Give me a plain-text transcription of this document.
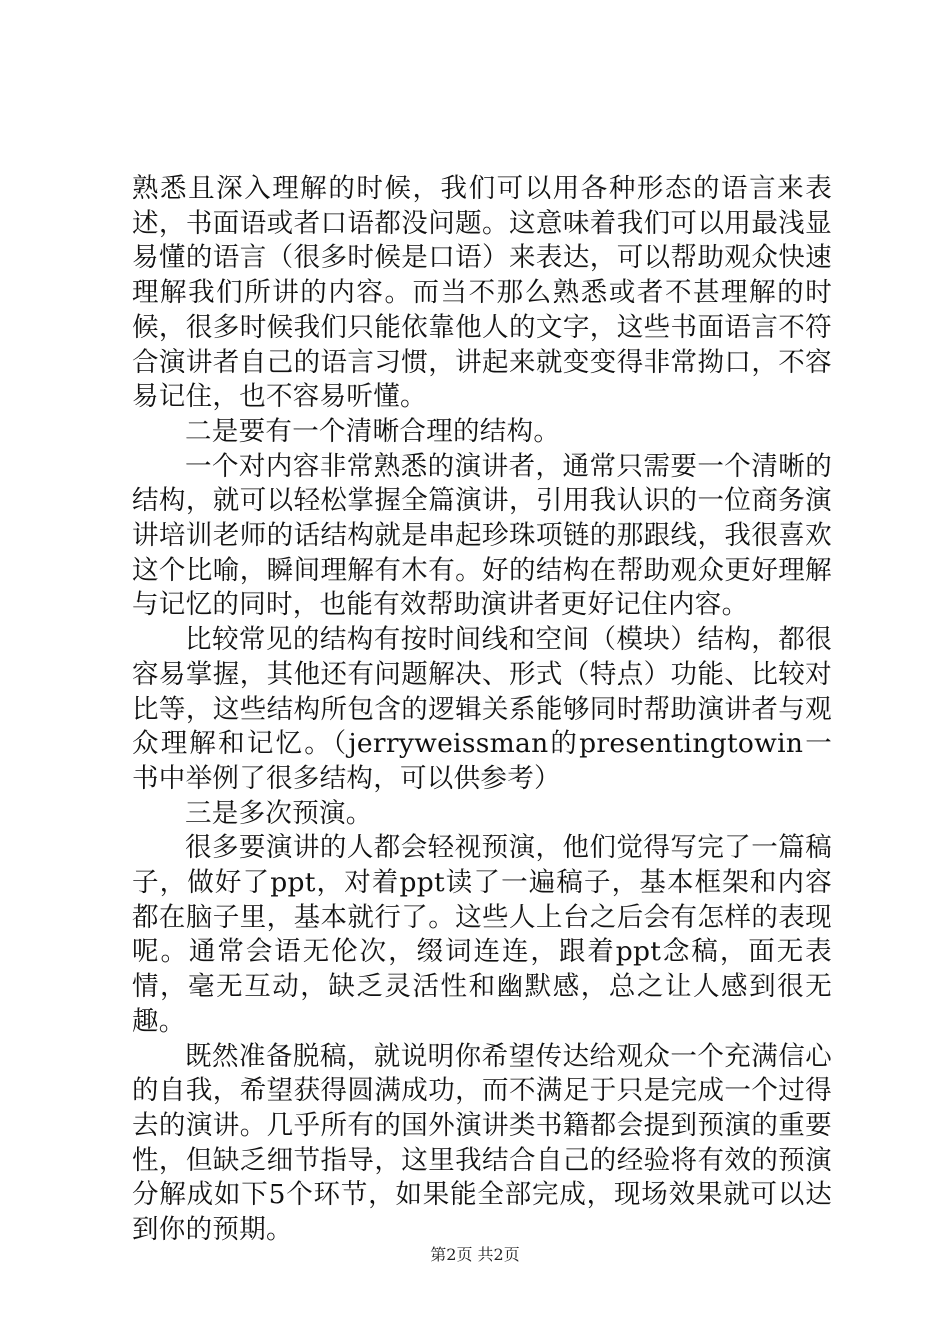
熟悉且深入理解的时候，我们可以用各种形态的语言来表述，书面语或者口语都没问题。这意味着我们可以用最浅显易懂的语言（很多时候是口语）来表达，可以帮助观众快速理解我们所讲的内容。而当不那么熟悉或者不甚理解的时候，很多时候我们只能依靠他人的文字，这些书面语言不符合演讲者自己的语言习惯，讲起来就变变得非常拗口，不容易记住，也不容易听懂。

二是要有一个清晰合理的结构。

一个对内容非常熟悉的演讲者，通常只需要一个清晰的结构，就可以轻松掌握全篇演讲，引用我认识的一位商务演讲培训老师的话结构就是串起珍珠项链的那跟线，我很喜欢这个比喻，瞬间理解有木有。好的结构在帮助观众更好理解与记忆的同时，也能有效帮助演讲者更好记住内容。

比较常见的结构有按时间线和空间（模块）结构，都很容易掌握，其他还有问题解决、形式（特点）功能、比较对比等，这些结构所包含的逻辑关系能够同时帮助演讲者与观众理解和记忆。（jerryweissman的presentingtowin一书中举例了很多结构，可以供参考）

三是多次预演。

很多要演讲的人都会轻视预演，他们觉得写完了一篇稿子，做好了ppt，对着ppt读了一遍稿子，基本框架和内容都在脑子里，基本就行了。这些人上台之后会有怎样的表现呢。通常会语无伦次，缀词连连，跟着ppt念稿，面无表情，毫无互动，缺乏灵活性和幽默感，总之让人感到很无趣。

既然准备脱稿，就说明你希望传达给观众一个充满信心的自我，希望获得圆满成功，而不满足于只是完成一个过得去的演讲。几乎所有的国外演讲类书籍都会提到预演的重要性，但缺乏细节指导，这里我结合自己的经验将有效的预演分解成如下5个环节，如果能全部完成，现场效果就可以达到你的预期。

第2页 共2页
